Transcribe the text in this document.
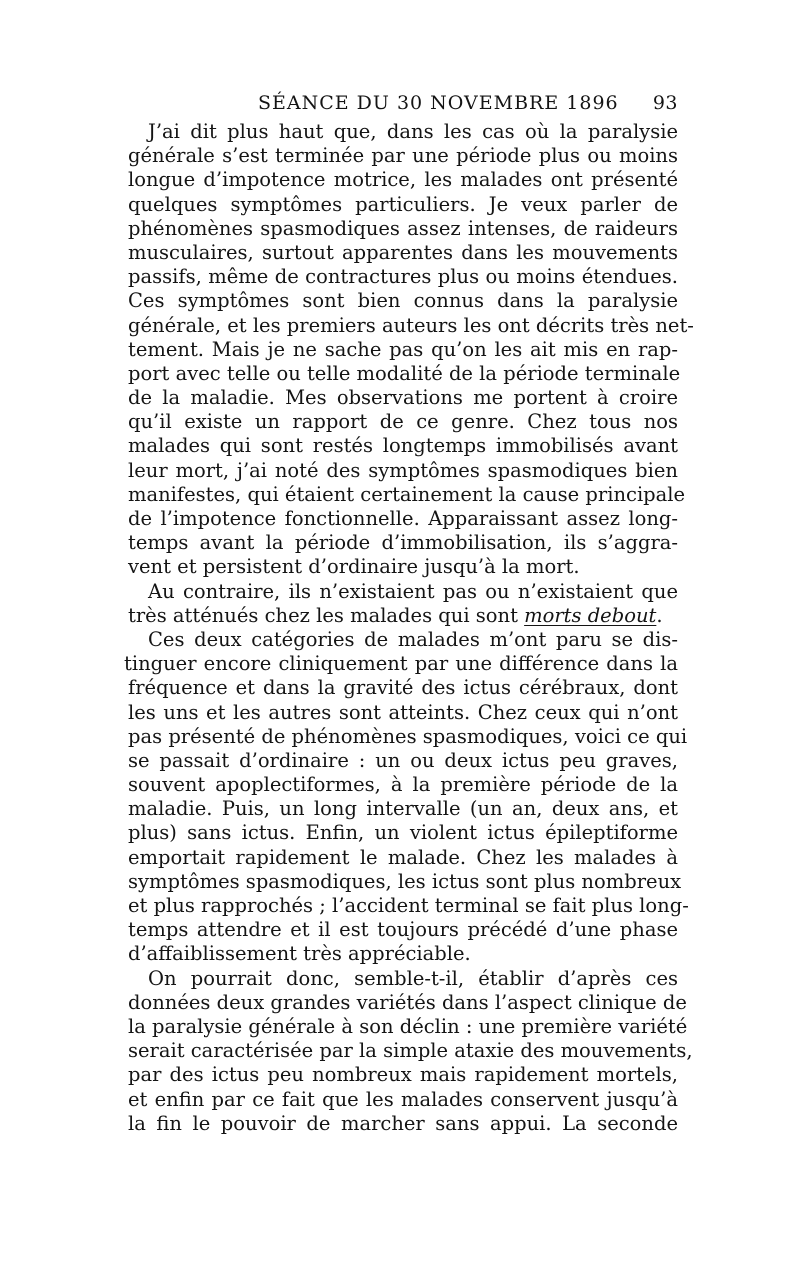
SÉANCE DU 30 NOVEMBRE 1896 93
J’ai dit plus haut que, dans les cas où la paralysie
générale s’est terminée par une période plus ou moins
longue d’impotence motrice, les malades ont présenté
quelques symptômes particuliers. Je veux parler de
phénomènes spasmodiques assez intenses, de raideurs
musculaires, surtout apparentes dans les mouvements
passifs, même de contractures plus ou moins étendues.
Ces symptômes sont bien connus dans la paralysie
générale, et les premiers auteurs les ont décrits très net-
tement. Mais je ne sache pas qu’on les ait mis en rap-
port avec telle ou telle modalité de la période terminale
de la maladie. Mes observations me portent à croire
qu’il existe un rapport de ce genre. Chez tous nos
malades qui sont restés longtemps immobilisés avant
leur mort, j’ai noté des symptômes spasmodiques bien
manifestes, qui étaient certainement la cause principale
de l’impotence fonctionnelle. Apparaissant assez long-
temps avant la période d’immobilisation, ils s’aggra-
vent et persistent d’ordinaire jusqu’à la mort.
Au contraire, ils n’existaient pas ou n’existaient que
très atténués chez les malades qui sont morts debout.
Ces deux catégories de malades m’ont paru se dis-
tinguer encore cliniquement par une différence dans la
fréquence et dans la gravité des ictus cérébraux, dont
les uns et les autres sont atteints. Chez ceux qui n’ont
pas présenté de phénomènes spasmodiques, voici ce qui
se passait d’ordinaire : un ou deux ictus peu graves,
souvent apoplectiformes, à la première période de la
maladie. Puis, un long intervalle (un an, deux ans, et
plus) sans ictus. Enfin, un violent ictus épileptiforme
emportait rapidement le malade. Chez les malades à
symptômes spasmodiques, les ictus sont plus nombreux
et plus rapprochés ; l’accident terminal se fait plus long-
temps attendre et il est toujours précédé d’une phase
d’affaiblissement très appréciable.
On pourrait donc, semble-t-il, établir d’après ces
données deux grandes variétés dans l’aspect clinique de
la paralysie générale à son déclin : une première variété
serait caractérisée par la simple ataxie des mouvements,
par des ictus peu nombreux mais rapidement mortels,
et enfin par ce fait que les malades conservent jusqu’à
la fin le pouvoir de marcher sans appui. La seconde
